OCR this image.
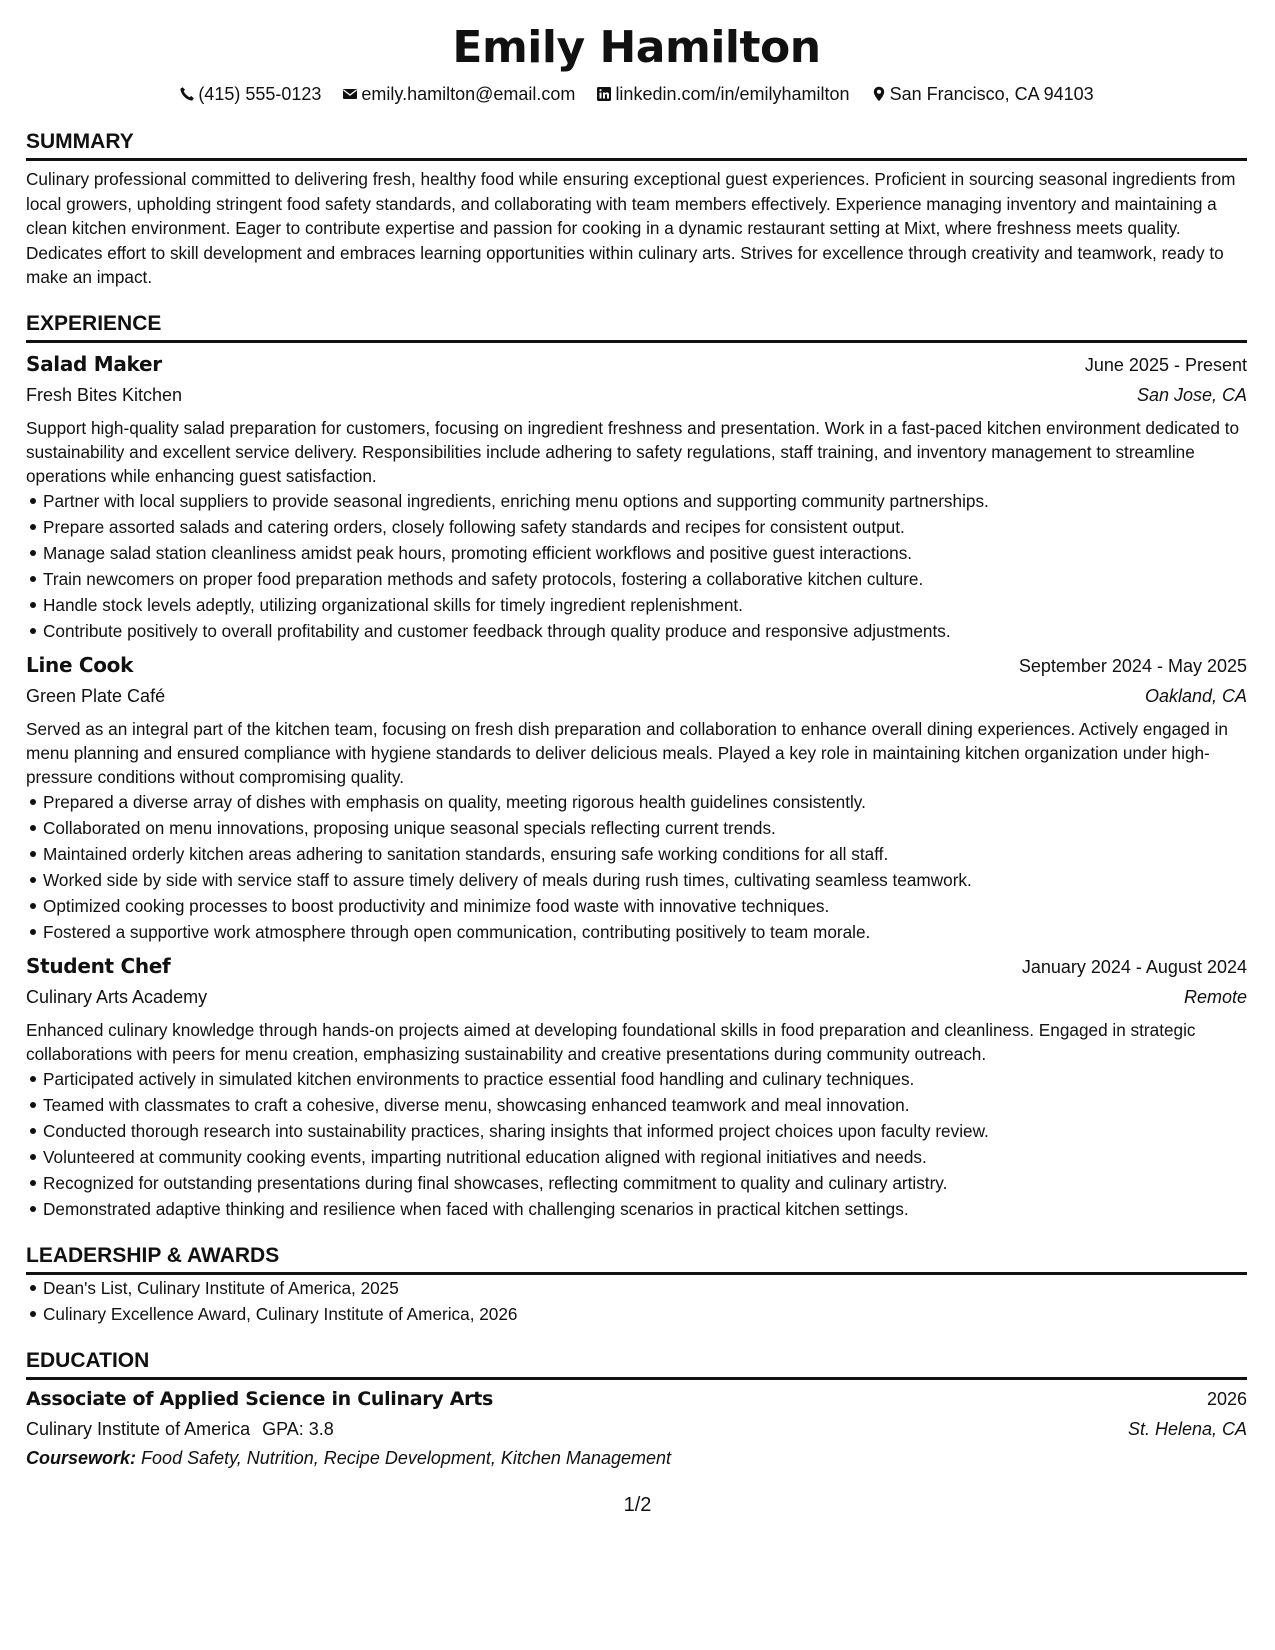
Emily Hamilton
(415) 555-0123 emily.hamilton@email.com linkedin.com/in/emilyhamilton San Francisco, CA 94103
SUMMARY

Culinary professional committed to delivering fresh, healthy food while ensuring exceptional guest experiences. Proficient in sourcing seasonal ingredients from local growers, upholding stringent food safety standards, and collaborating with team members effectively. Experience managing inventory and maintaining a clean kitchen environment. Eager to contribute expertise and passion for cooking in a dynamic restaurant setting at Mixt, where freshness meets quality. Dedicates effort to skill development and embraces learning opportunities within culinary arts. Strives for excellence through creativity and teamwork, ready to make an impact.

EXPERIENCE
Salad Maker	June 2025 - Present
Fresh Bites Kitchen	San Jose, CA

Support high-quality salad preparation for customers, focusing on ingredient freshness and presentation. Work in a fast-paced kitchen environment dedicated to sustainability and excellent service delivery. Responsibilities include adhering to safety regulations, staff training, and inventory management to streamline operations while enhancing guest satisfaction.

Partner with local suppliers to provide seasonal ingredients, enriching menu options and supporting community partnerships.
Prepare assorted salads and catering orders, closely following safety standards and recipes for consistent output.
Manage salad station cleanliness amidst peak hours, promoting efficient workflows and positive guest interactions.
Train newcomers on proper food preparation methods and safety protocols, fostering a collaborative kitchen culture.
Handle stock levels adeptly, utilizing organizational skills for timely ingredient replenishment.
Contribute positively to overall profitability and customer feedback through quality produce and responsive adjustments.
Line Cook	September 2024 - May 2025
Green Plate Café	Oakland, CA

Served as an integral part of the kitchen team, focusing on fresh dish preparation and collaboration to enhance overall dining experiences. Actively engaged in menu planning and ensured compliance with hygiene standards to deliver delicious meals. Played a key role in maintaining kitchen organization under high-pressure conditions without compromising quality.

Prepared a diverse array of dishes with emphasis on quality, meeting rigorous health guidelines consistently.
Collaborated on menu innovations, proposing unique seasonal specials reflecting current trends.
Maintained orderly kitchen areas adhering to sanitation standards, ensuring safe working conditions for all staff.
Worked side by side with service staff to assure timely delivery of meals during rush times, cultivating seamless teamwork.
Optimized cooking processes to boost productivity and minimize food waste with innovative techniques.
Fostered a supportive work atmosphere through open communication, contributing positively to team morale.
Student Chef	January 2024 - August 2024
Culinary Arts Academy	Remote

Enhanced culinary knowledge through hands-on projects aimed at developing foundational skills in food preparation and cleanliness. Engaged in strategic collaborations with peers for menu creation, emphasizing sustainability and creative presentations during community outreach.

Participated actively in simulated kitchen environments to practice essential food handling and culinary techniques.
Teamed with classmates to craft a cohesive, diverse menu, showcasing enhanced teamwork and meal innovation.
Conducted thorough research into sustainability practices, sharing insights that informed project choices upon faculty review.
Volunteered at community cooking events, imparting nutritional education aligned with regional initiatives and needs.
Recognized for outstanding presentations during final showcases, reflecting commitment to quality and culinary artistry.
Demonstrated adaptive thinking and resilience when faced with challenging scenarios in practical kitchen settings.
LEADERSHIP & AWARDS
Dean's List, Culinary Institute of America, 2025
Culinary Excellence Award, Culinary Institute of America, 2026
EDUCATION
Associate of Applied Science in Culinary Arts	2026
Culinary Institute of America GPA: 3.8	St. Helena, CA
Coursework: Food Safety, Nutrition, Recipe Development, Kitchen Management
1/2
